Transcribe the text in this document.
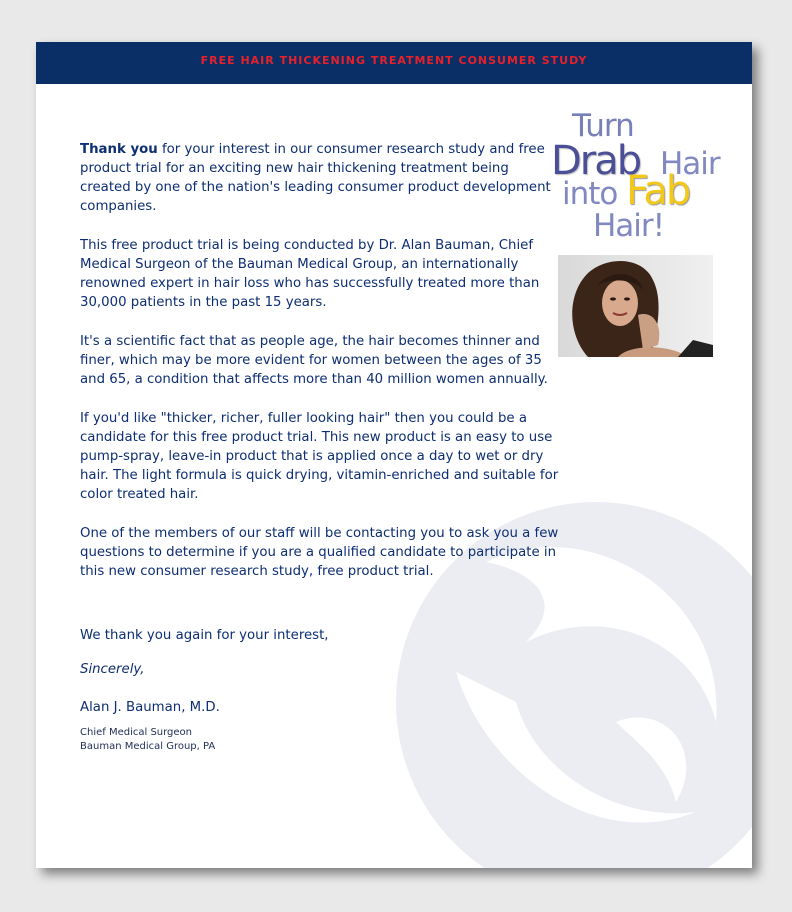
FREE HAIR THICKENING TREATMENT CONSUMER STUDY

Thank you for your interest in our consumer research study and free product trial for an exciting new hair thickening treatment being created by one of the nation's leading consumer product development companies.

This free product trial is being conducted by Dr. Alan Bauman, Chief Medical Surgeon of the Bauman Medical Group, an internationally renowned expert in hair loss who has successfully treated more than 30,000 patients in the past 15 years.

It's a scientific fact that as people age, the hair becomes thinner and finer, which may be more evident for women between the ages of 35 and 65, a condition that affects more than 40 million women annually.

If you'd like "thicker, richer, fuller looking hair" then you could be a candidate for this free product trial. This new product is an easy to use pump-spray, leave-in product that is applied once a day to wet or dry hair. The light formula is quick drying, vitamin-enriched and suitable for color treated hair.

One of the members of our staff will be contacting you to ask you a few questions to determine if you are a qualified candidate to participate in this new consumer research study, free product trial.

We thank you again for your interest,
Sincerely,
Alan J. Bauman, M.D.
Chief Medical Surgeon
Bauman Medical Group, PA
Turn
Drab Hair
into Fab
Hair!
